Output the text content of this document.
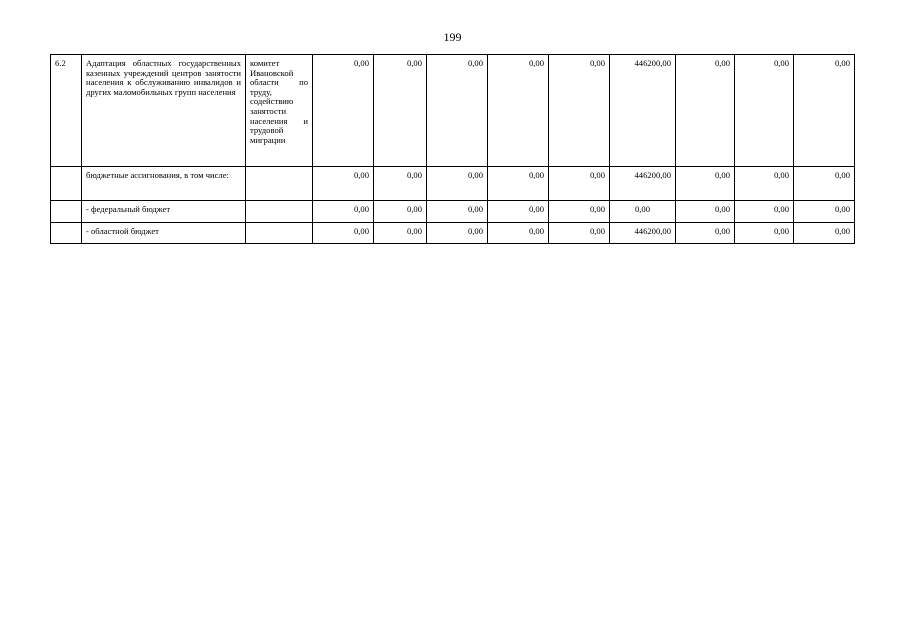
199
6.2	Адаптация областных государственных казенных учреждений центров занятости населения к обслуживанию инвалидов и других маломобильных групп населения	комитет Ивановской области по труду, содействию занятости населения и трудовой миграции	0,00	0,00	0,00	0,00	0,00	446200,00	0,00	0,00	0,00
	бюджетные ассигнования, в том числе:		0,00	0,00	0,00	0,00	0,00	446200,00	0,00	0,00	0,00
	- федеральный бюджет		0,00	0,00	0,00	0,00	0,00	0,00	0,00	0,00	0,00
	- областной бюджет		0,00	0,00	0,00	0,00	0,00	446200,00	0,00	0,00	0,00
